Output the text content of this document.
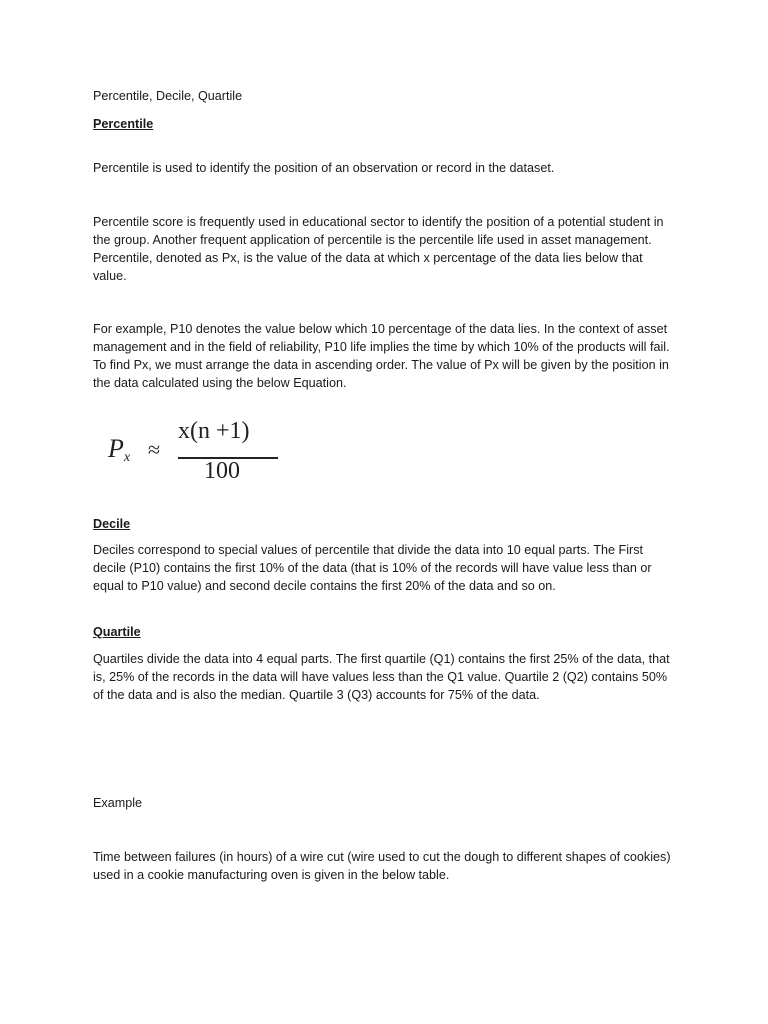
Percentile, Decile, Quartile

Percentile

Percentile is used to identify the position of an observation or record in the dataset.

Percentile score is frequently used in educational sector to identify the position of a potential student in the group. Another frequent application of percentile is the percentile life used in asset management. Percentile, denoted as Px, is the value of the data at which x percentage of the data lies below that value.

For example, P10 denotes the value below which 10 percentage of the data lies. In the context of asset management and in the field of reliability, P10 life implies the time by which 10% of the products will fail. To find Px, we must arrange the data in ascending order. The value of Px will be given by the position in the data calculated using the below Equation.

$P_x$ ≈
x(n +1)
100

Decile

Deciles correspond to special values of percentile that divide the data into 10 equal parts. The First decile (P10) contains the first 10% of the data (that is 10% of the records will have value less than or equal to P10 value) and second decile contains the first 20% of the data and so on.

Quartile

Quartiles divide the data into 4 equal parts. The first quartile (Q1) contains the first 25% of the data, that is, 25% of the records in the data will have values less than the Q1 value. Quartile 2 (Q2) contains 50% of the data and is also the median. Quartile 3 (Q3) accounts for 75% of the data.

Example

Time between failures (in hours) of a wire cut (wire used to cut the dough to different shapes of cookies) used in a cookie manufacturing oven is given in the below table.
